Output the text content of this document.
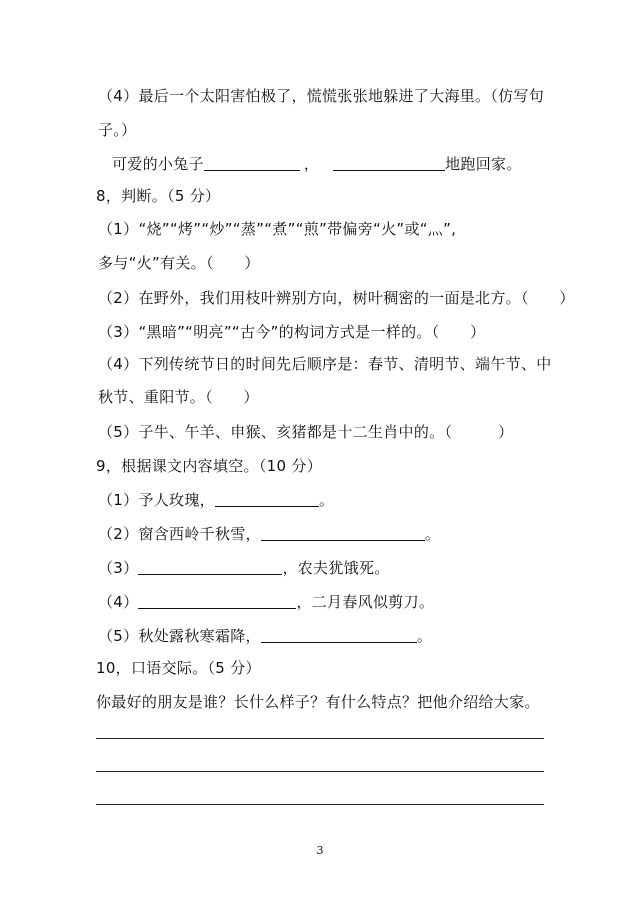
（4）最后一个太阳害怕极了，慌慌张张地躲进了大海里。（仿写句
子。）
可爱的小兔子	，	地跑回家。
8，判断。（5 分）
（1）“烧”“烤”“炒”“蒸”“煮”“煎”带偏旁“火”或“灬”,
多与“火”有关。（　　）
（2）在野外，我们用枝叶辨别方向，树叶稠密的一面是北方。（　　）
（3）“黑暗”“明亮”“古今”的构词方式是一样的。（　　）
（4）下列传统节日的时间先后顺序是：春节、清明节、端午节、中
秋节、重阳节。（　　）
（5）子牛、午羊、申猴、亥猪都是十二生肖中的。（　　　）
9，根据课文内容填空。（10 分）
（1）予人玫瑰，	。
（2）窗含西岭千秋雪，	。
（3）	，农夫犹饿死。
（4）	，二月春风似剪刀。
（5）秋处露秋寒霜降，	。
10，口语交际。（5 分）
你最好的朋友是谁？长什么样子？有什么特点？把他介绍给大家。
3
